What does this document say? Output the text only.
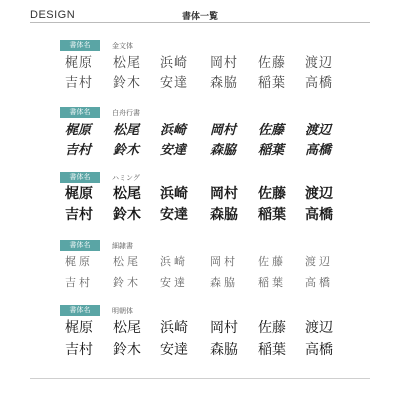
DESIGN	書体一覧
書体名	金文体
梶原	松尾	浜崎	岡村	佐藤	渡辺
吉村	鈴木	安達	森脇	稲葉	高橋
書体名	白舟行書
梶原	松尾	浜崎	岡村	佐藤	渡辺
吉村	鈴木	安達	森脇	稲葉	高橋
書体名	ハミング
梶原	松尾	浜崎	岡村	佐藤	渡辺
吉村	鈴木	安達	森脇	稲葉	高橋
書体名	細隷書
梶原	松尾	浜崎	岡村	佐藤	渡辺
吉村	鈴木	安達	森脇	稲葉	高橋
書体名	明朝体
梶原	松尾	浜崎	岡村	佐藤	渡辺
吉村	鈴木	安達	森脇	稲葉	高橋
